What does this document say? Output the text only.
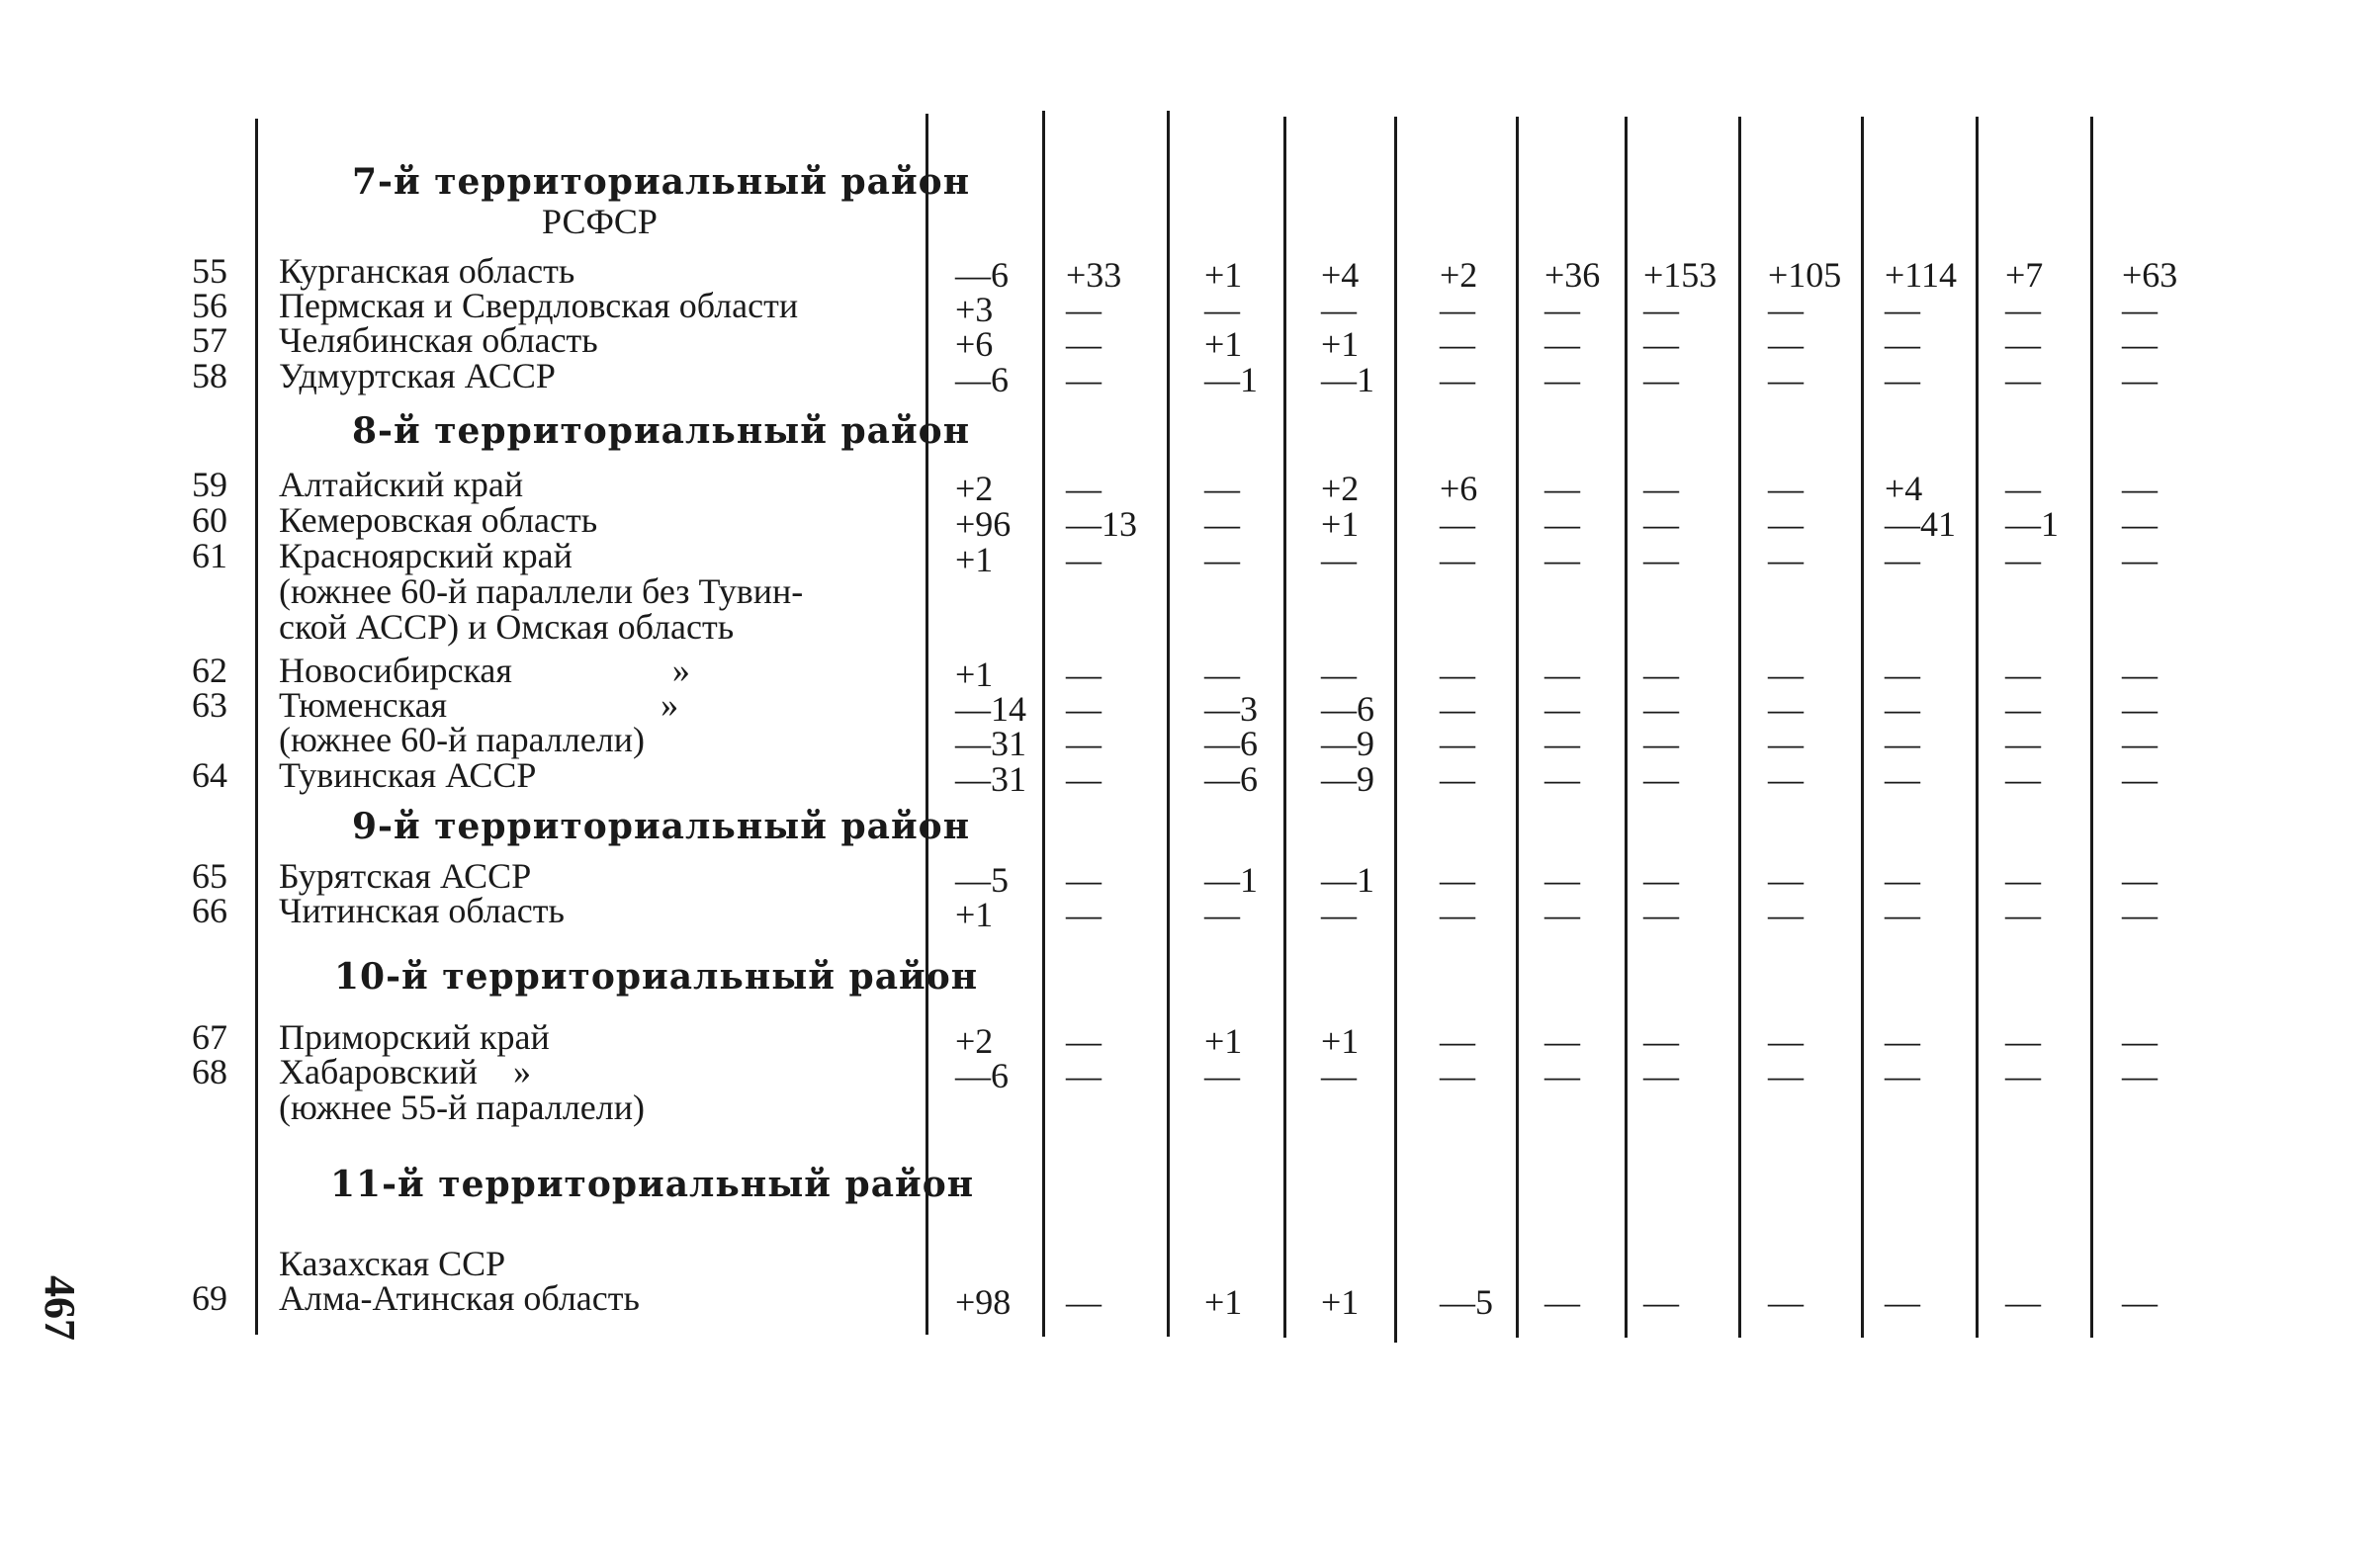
7-й территориальный район
РСФСР
8-й территориальный район
9-й территориальный район
10-й территориальный район
11-й территориальный район
55 Курганская область	—6 +33 +1 +4 +2 +36 +153 +105 +114 +7 +63
56 Пермская и Свердловская области	+3 —	— — — — —	— — — —
57 Челябинская область	+6 —	+1 +1 — — —	— — — —
58 Удмуртская АССР	—6 —	—1 —1 — — —	— — — —
59 Алтайский край	+2 —	— +2 +6 — —	— +4 — —
60 Кемеровская область	+96 —13 — +1 — — —	— —41 —1 —
61 Красноярский край
(южнее 60-й параллели без Тувин-
ской АССР) и Омская область
+1 —	— — — — —	— — — —
62 Новосибирская                  »	+1 —	— — — — —	— — — —
63 Тюменская                        »	—14 —	—3 —6 — — —	— — — —
(южнее 60-й параллели)	—31 —	—6 —9 — — —	— — — —
64 Тувинская АССР	—31 —	—6 —9 — — —	— — — —
65 Бурятская АССР	—5 —	—1 —1 — — —	— — — —
66 Читинская область	+1 —	— — — — —	— — — —
67 Приморский край	+2 —	+1 +1 — — —	— — — —
68 Хабаровский    »
(южнее 55-й параллели)
—6 —	— — — — —	— — — —
Казахская ССР
69 Алма-Атинская область	+98 —	+1 +1 —5 — —	— — — —
467
